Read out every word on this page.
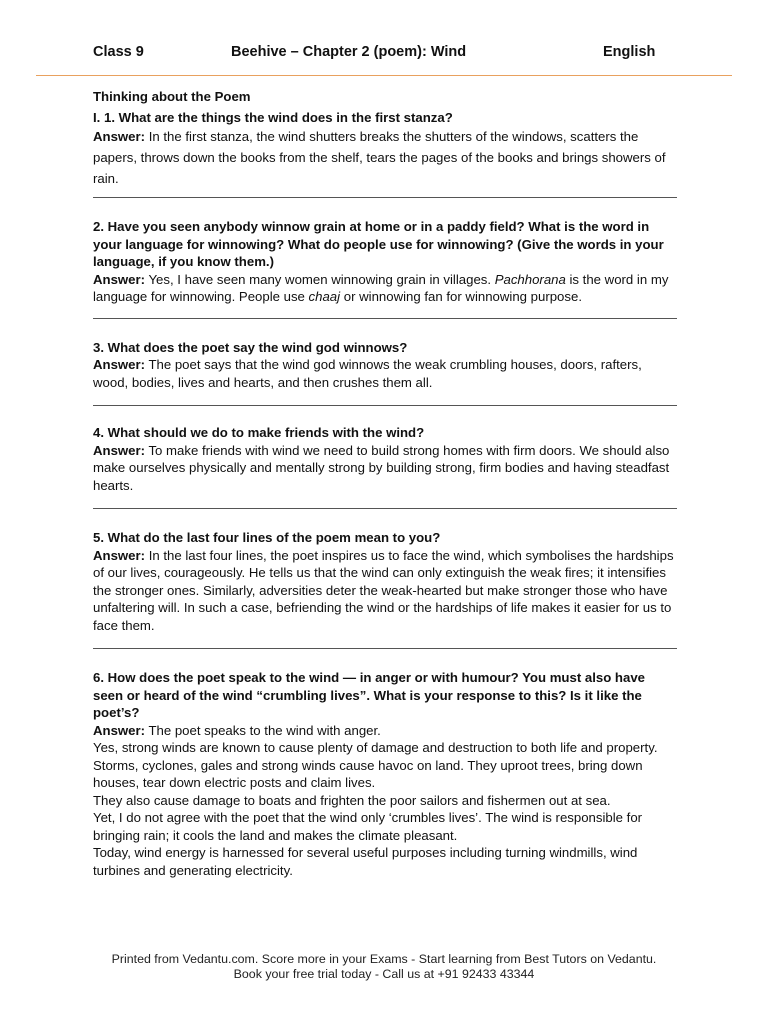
Class 9	Beehive – Chapter 2 (poem): Wind	English

Thinking about the Poem

I. 1. What are the things the wind does in the first stanza?

Answer: In the first stanza, the wind shutters breaks the shutters of the windows, scatters the papers, throws down the books from the shelf, tears the pages of the books and brings showers of rain.

2. Have you seen anybody winnow grain at home or in a paddy field? What is the word in your language for winnowing? What do people use for winnowing? (Give the words in your language, if you know them.)

Answer: Yes, I have seen many women winnowing grain in villages. Pachhorana is the word in my language for winnowing. People use chaaj or winnowing fan for winnowing purpose.

3. What does the poet say the wind god winnows?

Answer: The poet says that the wind god winnows the weak crumbling houses, doors, rafters, wood, bodies, lives and hearts, and then crushes them all.

4. What should we do to make friends with the wind?

Answer: To make friends with wind we need to build strong homes with firm doors. We should also make ourselves physically and mentally strong by building strong, firm bodies and having steadfast hearts.

5. What do the last four lines of the poem mean to you?

Answer: In the last four lines, the poet inspires us to face the wind, which symbolises the hardships of our lives, courageously. He tells us that the wind can only extinguish the weak fires; it intensifies the stronger ones. Similarly, adversities deter the weak-hearted but make stronger those who have unfaltering will. In such a case, befriending the wind or the hardships of life makes it easier for us to face them.

6. How does the poet speak to the wind — in anger or with humour? You must also have seen or heard of the wind “crumbling lives”. What is your response to this? Is it like the poet’s?

Answer: The poet speaks to the wind with anger.

Yes, strong winds are known to cause plenty of damage and destruction to both life and property.

Storms, cyclones, gales and strong winds cause havoc on land. They uproot trees, bring down houses, tear down electric posts and claim lives.

They also cause damage to boats and frighten the poor sailors and fishermen out at sea.

Yet, I do not agree with the poet that the wind only ‘crumbles lives’. The wind is responsible for bringing rain; it cools the land and makes the climate pleasant.

Today, wind energy is harnessed for several useful purposes including turning windmills, wind turbines and generating electricity.

Printed from Vedantu.com. Score more in your Exams - Start learning from Best Tutors on Vedantu.

Book your free trial today - Call us at +91 92433 43344
